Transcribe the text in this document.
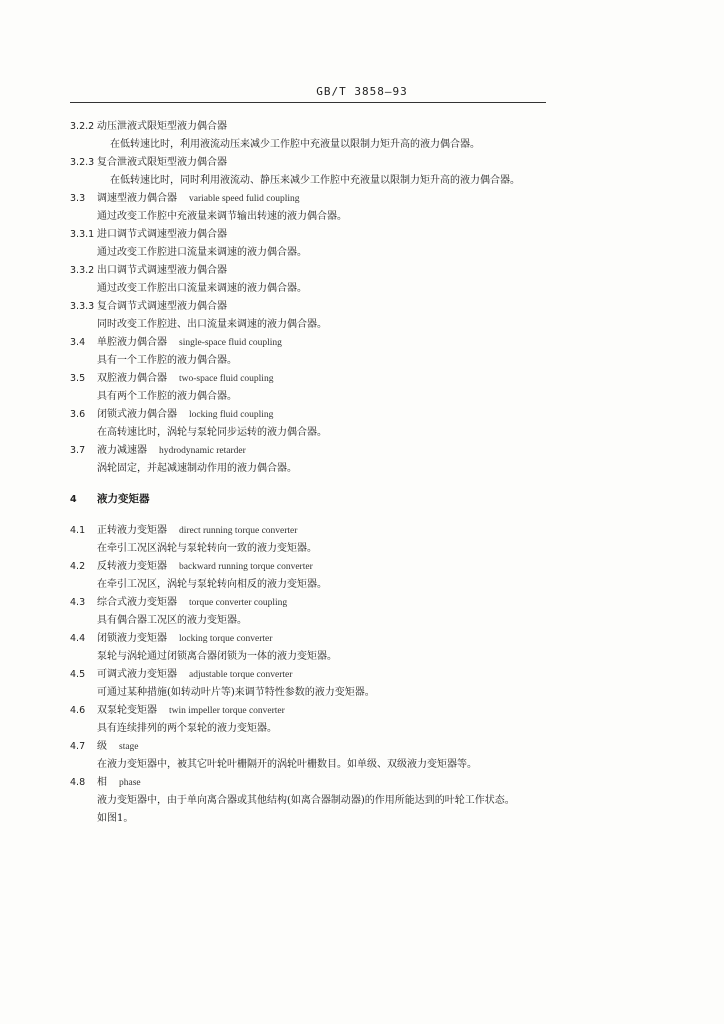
GB/T 3858—93
3.2.2 动压泄液式限矩型液力偶合器
在低转速比时，利用液流动压来减少工作腔中充液量以限制力矩升高的液力偶合器。
3.2.3 复合泄液式限矩型液力偶合器
在低转速比时，同时利用液流动、静压来减少工作腔中充液量以限制力矩升高的液力偶合器。
3.3	调速型液力偶合器 variable speed fulid coupling
通过改变工作腔中充液量来调节输出转速的液力偶合器。
3.3.1 进口调节式调速型液力偶合器
通过改变工作腔进口流量来调速的液力偶合器。
3.3.2 出口调节式调速型液力偶合器
通过改变工作腔出口流量来调速的液力偶合器。
3.3.3 复合调节式调速型液力偶合器
同时改变工作腔进、出口流量来调速的液力偶合器。
3.4	单腔液力偶合器 single-space fluid coupling
具有一个工作腔的液力偶合器。
3.5	双腔液力偶合器 two-space fluid coupling
具有两个工作腔的液力偶合器。
3.6	闭锁式液力偶合器 locking fluid coupling
在高转速比时，涡轮与泵轮同步运转的液力偶合器。
3.7	液力减速器 hydrodynamic retarder
涡轮固定，并起减速制动作用的液力偶合器。
4	液力变矩器
4.1	正转液力变矩器 direct running torque converter
在牵引工况区涡轮与泵轮转向一致的液力变矩器。
4.2	反转液力变矩器 backward running torque converter
在牵引工况区，涡轮与泵轮转向相反的液力变矩器。
4.3	综合式液力变矩器 torque converter coupling
具有偶合器工况区的液力变矩器。
4.4	闭锁液力变矩器 locking torque converter
泵轮与涡轮通过闭锁离合器闭锁为一体的液力变矩器。
4.5	可调式液力变矩器 adjustable torque converter
可通过某种措施(如转动叶片等)来调节特性参数的液力变矩器。
4.6	双泵轮变矩器 twin impeller torque converter
具有连续排列的两个泵轮的液力变矩器。
4.7	级 stage
在液力变矩器中，被其它叶轮叶栅隔开的涡轮叶栅数目。如单级、双级液力变矩器等。
4.8	相 phase
液力变矩器中，由于单向离合器或其他结构(如离合器制动器)的作用所能达到的叶轮工作状态。
如图1。
